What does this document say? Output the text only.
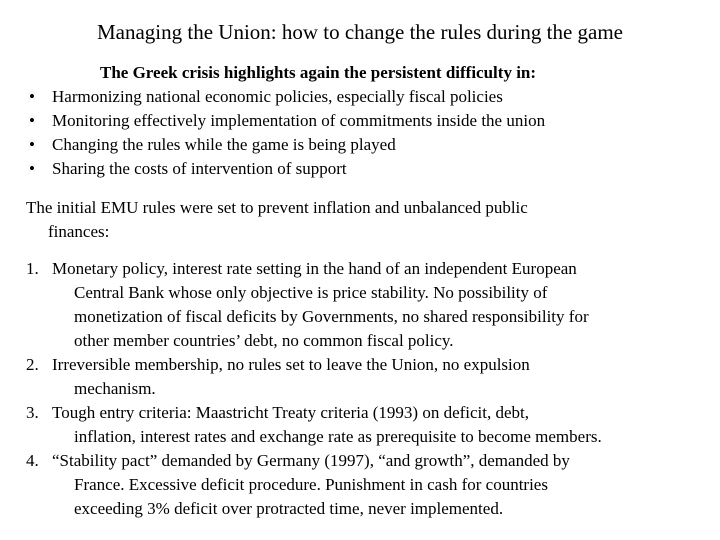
Managing the Union: how to change the rules during the game
The Greek crisis highlights again the persistent difficulty in:
• Harmonizing national economic policies, especially fiscal policies
• Monitoring effectively implementation of commitments inside the union
• Changing the rules while the game is being played
• Sharing the costs of intervention of support
The initial EMU rules were set to prevent inflation and unbalanced public
finances:
1. Monetary policy, interest rate setting in the hand of an independent European
Central Bank whose only objective is price stability. No possibility of
monetization of fiscal deficits by Governments, no shared responsibility for
other member countries’ debt, no common fiscal policy.
2. Irreversible membership, no rules set to leave the Union, no expulsion
mechanism.
3. Tough entry criteria: Maastricht Treaty criteria (1993) on deficit, debt,
inflation, interest rates and exchange rate as prerequisite to become members.
4. “Stability pact” demanded by Germany (1997), “and growth”, demanded by
France. Excessive deficit procedure. Punishment in cash for countries
exceeding 3% deficit over protracted time, never implemented.
